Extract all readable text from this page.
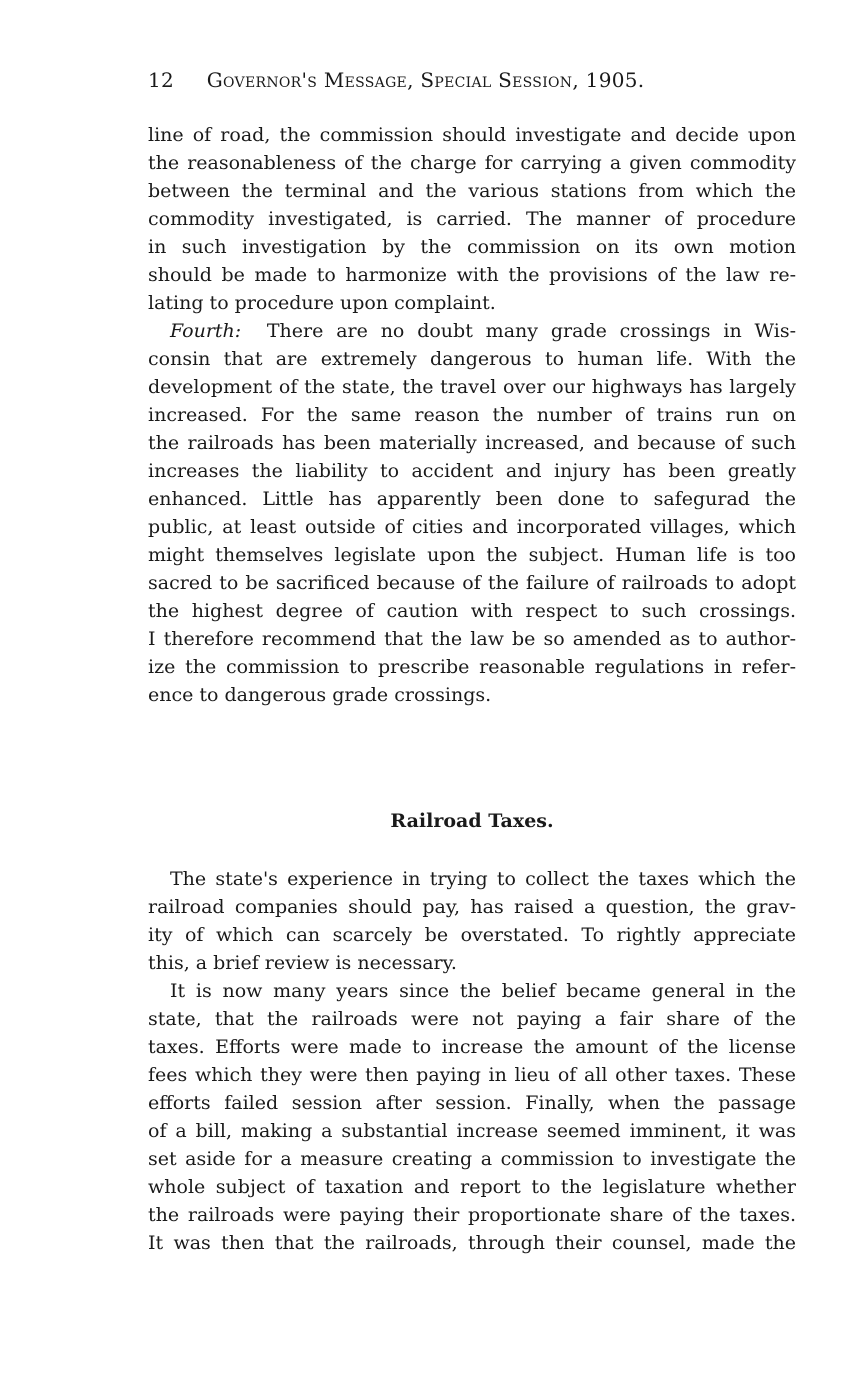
12 Governor's Message, Special Session, 1905.
line of road, the commission should investigate and decide upon
the reasonableness of the charge for carrying a given commodity
between the terminal and the various stations from which the
commodity investigated, is carried. The manner of procedure
in such investigation by the commission on its own motion
should be made to harmonize with the provisions of the law re-
lating to procedure upon complaint.
Fourth: There are no doubt many grade crossings in Wis-
consin that are extremely dangerous to human life. With the
development of the state, the travel over our highways has largely
increased. For the same reason the number of trains run on
the railroads has been materially increased, and because of such
increases the liability to accident and injury has been greatly
enhanced. Little has apparently been done to safegurad the
public, at least outside of cities and incorporated villages, which
might themselves legislate upon the subject. Human life is too
sacred to be sacrificed because of the failure of railroads to adopt
the highest degree of caution with respect to such crossings.
I therefore recommend that the law be so amended as to author-
ize the commission to prescribe reasonable regulations in refer-
ence to dangerous grade crossings.
Railroad Taxes.
The state's experience in trying to collect the taxes which the
railroad companies should pay, has raised a question, the grav-
ity of which can scarcely be overstated. To rightly appreciate
this, a brief review is necessary.
It is now many years since the belief became general in the
state, that the railroads were not paying a fair share of the
taxes. Efforts were made to increase the amount of the license
fees which they were then paying in lieu of all other taxes. These
efforts failed session after session. Finally, when the passage
of a bill, making a substantial increase seemed imminent, it was
set aside for a measure creating a commission to investigate the
whole subject of taxation and report to the legislature whether
the railroads were paying their proportionate share of the taxes.
It was then that the railroads, through their counsel, made the
